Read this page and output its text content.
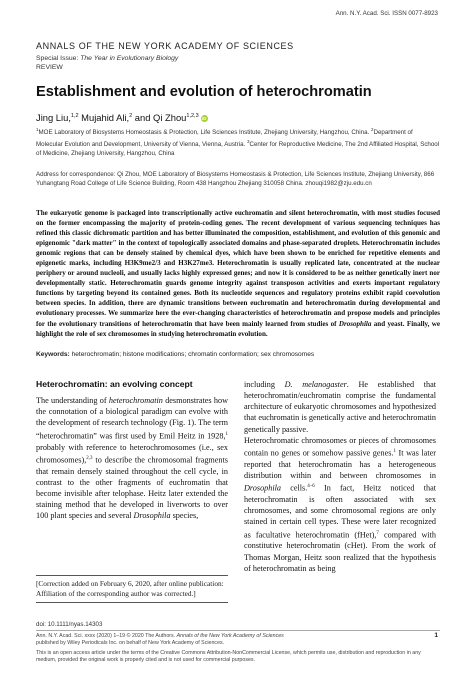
Ann. N.Y. Acad. Sci. ISSN 0077-8923
ANNALS OF THE NEW YORK ACADEMY OF SCIENCES
Special Issue: The Year in Evolutionary Biology
REVIEW
Establishment and evolution of heterochromatin
Jing Liu,$^{1,2}$ Mujahid Ali,$^2$ and Qi Zhou$^{1,2,3}$ iD
$^1$MOE Laboratory of Biosystems Homeostasis & Protection, Life Sciences Institute, Zhejiang University, Hangzhou, China. $^2$Department of Molecular Evolution and Development, University of Vienna, Vienna, Austria. $^3$Center for Reproductive Medicine, The 2nd Affiliated Hospital, School of Medicine, Zhejiang University, Hangzhou, China
Address for correspondence: Qi Zhou, MOE Laboratory of Biosystems Homeostasis & Protection, Life Sciences Institute, Zhejiang University, 866 Yuhangtang Road College of Life Science Building, Room 438 Hangzhou Zhejiang 310058 China. zhouqi1982@zju.edu.cn
The eukaryotic genome is packaged into transcriptionally active euchromatin and silent heterochromatin, with most studies focused on the former encompassing the majority of protein-coding genes. The recent development of various sequencing techniques has refined this classic dichromatic partition and has better illuminated the composition, establishment, and evolution of this genomic and epigenomic "dark matter" in the context of topologically associated domains and phase-separated droplets. Heterochromatin includes genomic regions that can be densely stained by chemical dyes, which have been shown to be enriched for repetitive elements and epigenetic marks, including H3K9me2/3 and H3K27me3. Heterochromatin is usually replicated late, concentrated at the nuclear periphery or around nucleoli, and usually lacks highly expressed genes; and now it is considered to be as neither genetically inert nor developmentally static. Heterochromatin guards genome integrity against transposon activities and exerts important regulatory functions by targeting beyond its contained genes. Both its nucleotide sequences and regulatory proteins exhibit rapid coevolution between species. In addition, there are dynamic transitions between euchromatin and heterochromatin during developmental and evolutionary processes. We summarize here the ever-changing characteristics of heterochromatin and propose models and principles for the evolutionary transitions of heterochromatin that have been mainly learned from studies of Drosophila and yeast. Finally, we highlight the role of sex chromosomes in studying heterochromatin evolution.
Keywords: heterochromatin; histone modifications; chromatin conformation; sex chromosomes
Heterochromatin: an evolving concept

The understanding of heterochromatin desmonstrates how the connotation of a biological paradigm can evolve with the development of research technology (Fig. 1). The term “heterochromatin” was first used by Emil Heitz in 1928,$^1$ probably with reference to heterochromosomes (i.e., sex chromosomes),$^{2,3}$ to describe the chromosomal fragments that remain densely stained throughout the cell cycle, in contrast to the other fragments of euchromatin that become invisible after telophase. Heitz later extended the staining method that he developed in liverworts to over 100 plant species and several Drosophila species,

[Correction added on February 6, 2020, after online publication: Affiliation of the corresponding author was corrected.]

including D. melanogaster. He established that heterochromatin/euchromatin comprise the fundamental architecture of eukaryotic chromosomes and hypothesized that euchromatin is genetically active and heterochromatin genetically passive.

Heterochromatic chromosomes or pieces of chromosomes contain no genes or somehow passive genes.$^1$ It was later reported that heterochromatin has a heterogeneous distribution within and between chromosomes in Drosophila cells.$^{4-6}$ In fact, Heitz noticed that heterochromatin is often associated with sex chromosomes, and some chromosomal regions are only stained in certain cell types. These were later recognized as facultative heterochromatin (fHet),$^7$ compared with constitutive heterochromatin (cHet). From the work of Thomas Morgan, Heitz soon realized that the hypothesis of heterochromatin as being

doi: 10.1111/nyas.14303
Ann. N.Y. Acad. Sci. xxxx (2020) 1–19 © 2020 The Authors. Annals of the New York Academy of Sciences
published by Wiley Periodicals Inc. on behalf of New York Academy of Sciences.
1
This is an open access article under the terms of the Creative Commons Attribution-NonCommercial License, which permits use, distribution and reproduction in any medium, provided the original work is properly cited and is not used for commercial purposes.
